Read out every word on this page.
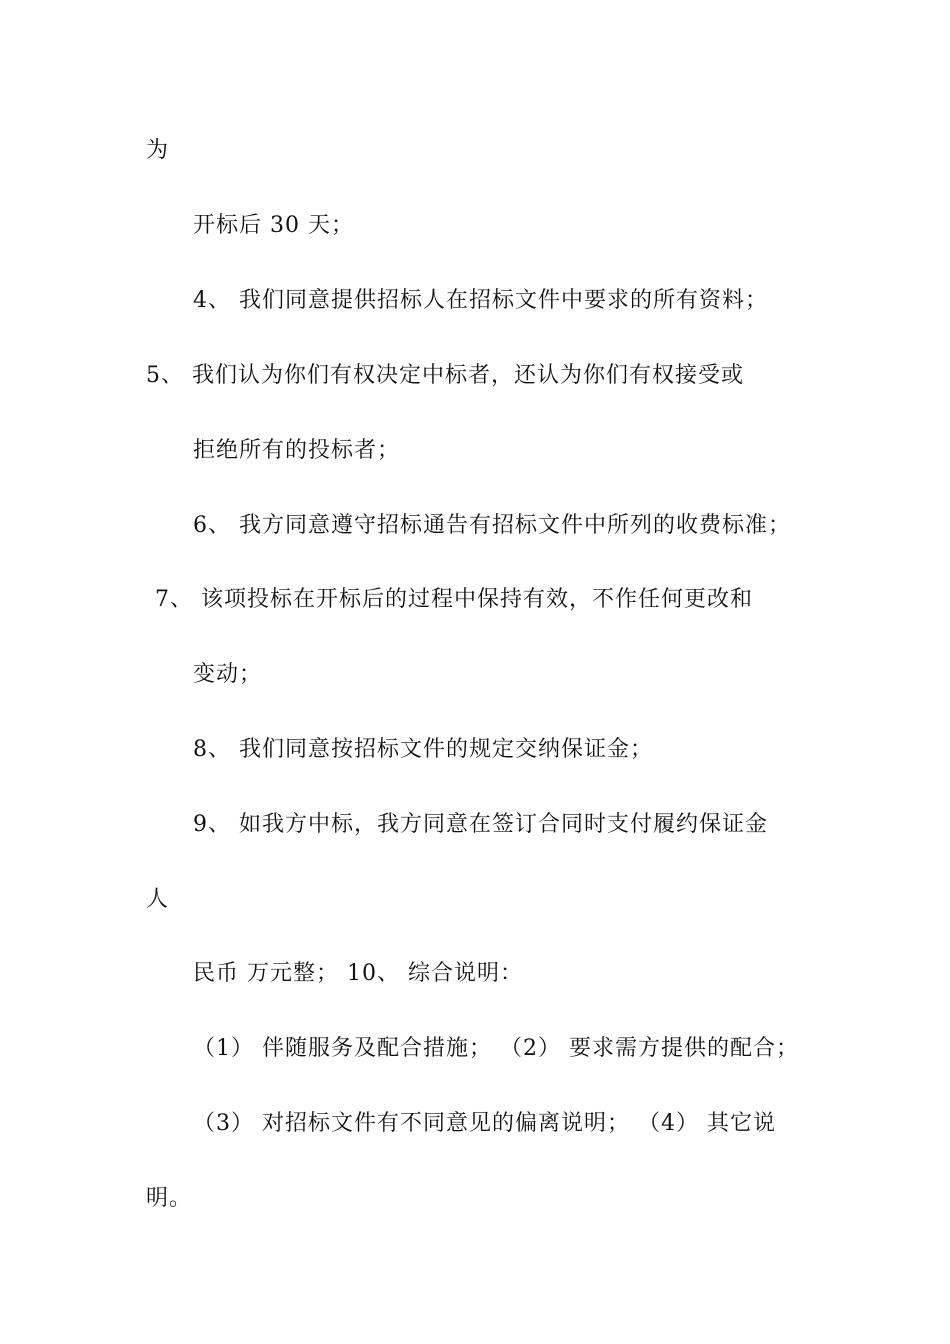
为
开标后 30 天；
4、 我们同意提供招标人在招标文件中要求的所有资料；
5、 我们认为你们有权决定中标者，还认为你们有权接受或
拒绝所有的投标者；
6、 我方同意遵守招标通告有招标文件中所列的收费标准；
7、 该项投标在开标后的过程中保持有效，不作任何更改和
变动；
8、 我们同意按招标文件的规定交纳保证金；
9、 如我方中标，我方同意在签订合同时支付履约保证金
人
民币 万元整； 10、 综合说明：
（1） 伴随服务及配合措施； （2） 要求需方提供的配合；
（3） 对招标文件有不同意见的偏离说明； （4） 其它说
明。
